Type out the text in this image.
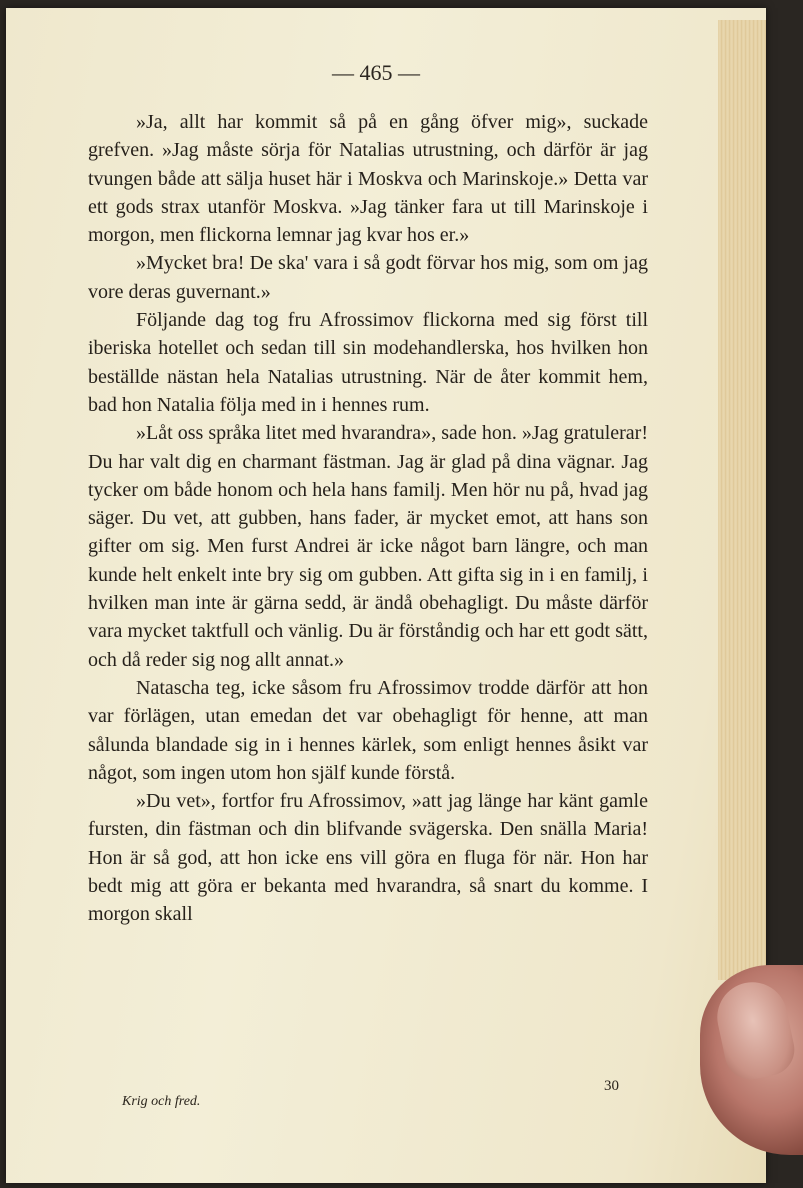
— 465 —

»Ja, allt har kommit så på en gång öfver mig», suckade grefven. »Jag måste sörja för Natalias utrustning, och därför är jag tvungen både att sälja huset här i Moskva och Marinskoje.» Detta var ett gods strax utanför Moskva. »Jag tänker fara ut till Marinskoje i morgon, men flickorna lemnar jag kvar hos er.»

»Mycket bra! De ska' vara i så godt förvar hos mig, som om jag vore deras guvernant.»

Följande dag tog fru Afrossimov flickorna med sig först till iberiska hotellet och sedan till sin modehandlerska, hos hvilken hon beställde nästan hela Natalias utrustning. När de åter kommit hem, bad hon Natalia följa med in i hennes rum.

»Låt oss språka litet med hvarandra», sade hon. »Jag gratulerar! Du har valt dig en charmant fästman. Jag är glad på dina vägnar. Jag tycker om både honom och hela hans familj. Men hör nu på, hvad jag säger. Du vet, att gubben, hans fader, är mycket emot, att hans son gifter om sig. Men furst Andrei är icke något barn längre, och man kunde helt enkelt inte bry sig om gubben. Att gifta sig in i en familj, i hvilken man inte är gärna sedd, är ändå obehagligt. Du måste därför vara mycket taktfull och vänlig. Du är förståndig och har ett godt sätt, och då reder sig nog allt annat.»

Natascha teg, icke såsom fru Afrossimov trodde därför att hon var förlägen, utan emedan det var obehagligt för henne, att man sålunda blandade sig in i hennes kärlek, som enligt hennes åsikt var något, som ingen utom hon själf kunde förstå.

»Du vet», fortfor fru Afrossimov, »att jag länge har känt gamle fursten, din fästman och din blifvande svägerska. Den snälla Maria! Hon är så god, att hon icke ens vill göra en fluga för när. Hon har bedt mig att göra er bekanta med hvarandra, så snart du komme. I morgon skall

Krig och fred.
30
